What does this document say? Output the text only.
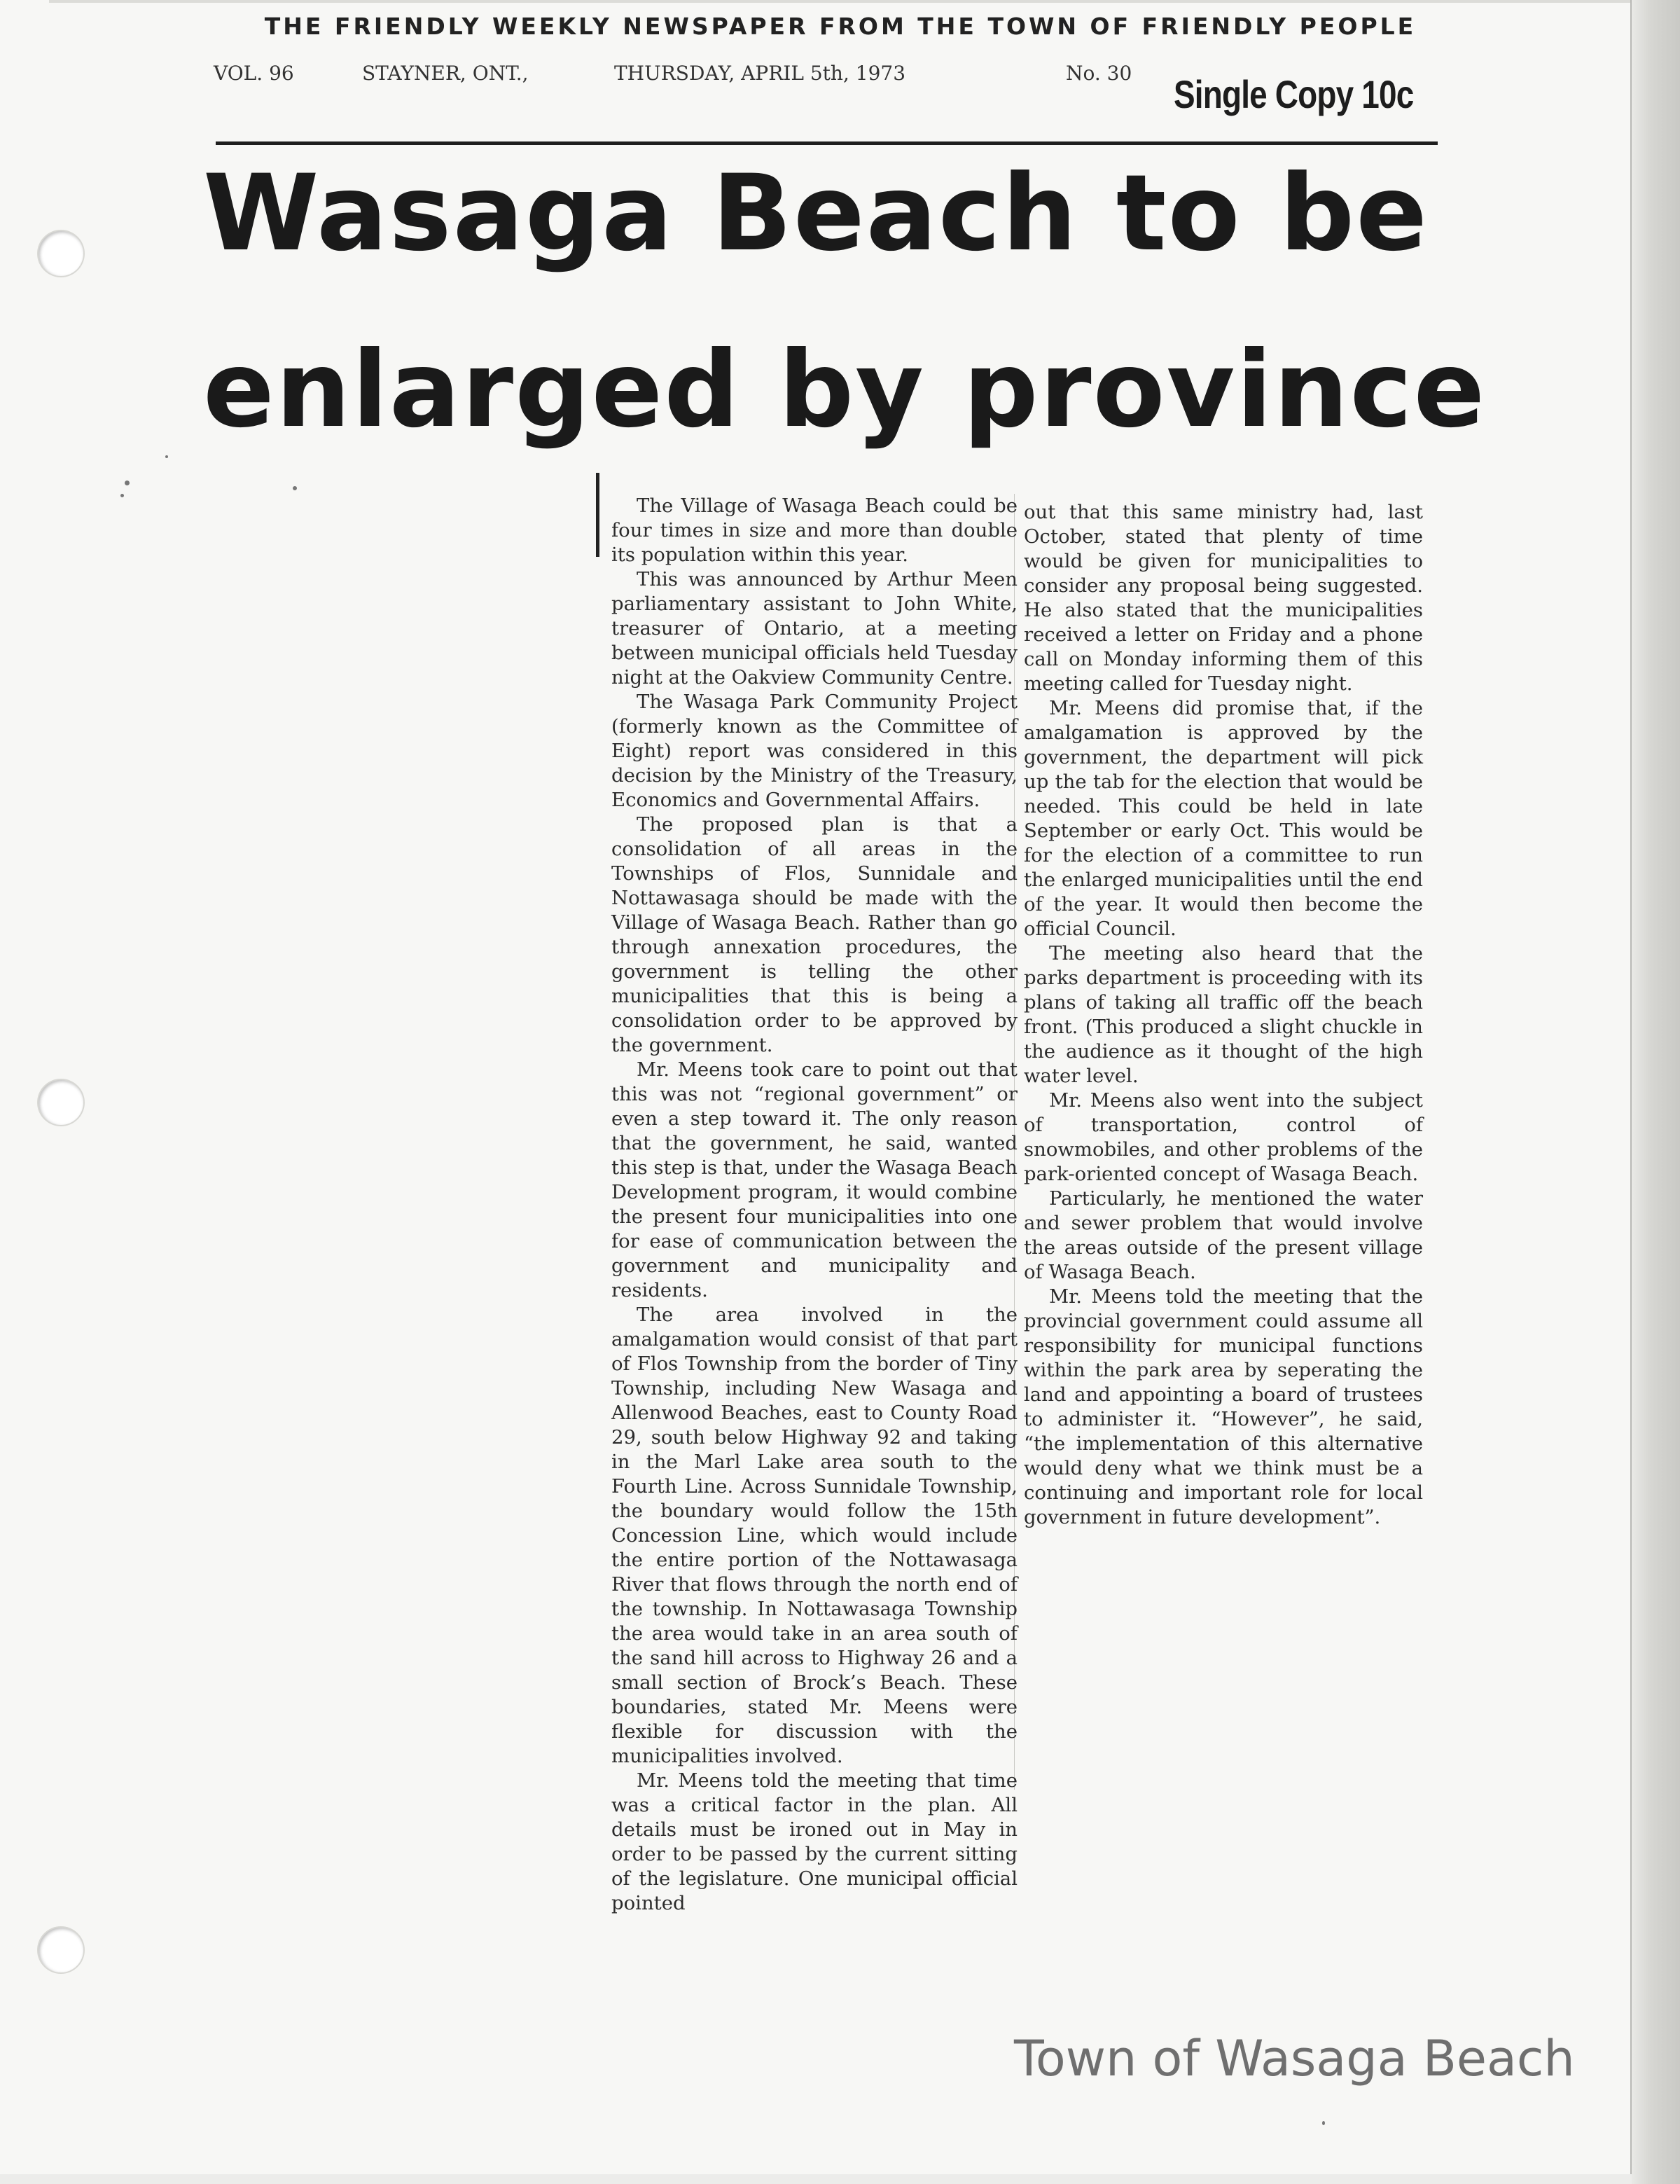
THE FRIENDLY WEEKLY NEWSPAPER FROM THE TOWN OF FRIENDLY PEOPLE
VOL. 96	STAYNER, ONT.,	THURSDAY, APRIL 5th, 1973	No. 30 Single Copy 10c
Wasaga Beach to be
enlarged by province

The Village of Wasaga Beach could be four times in size and more than double its population within this year.

This was announced by Arthur Meen parliamentary assistant to John White, treasurer of Ontario, at a meeting between municipal officials held Tuesday night at the Oakview Community Centre.

The Wasaga Park Community Project (formerly known as the Committee of Eight) report was considered in this decision by the Ministry of the Treasury, Economics and Governmental Affairs.

The proposed plan is that a consolidation of all areas in the Townships of Flos, Sunnidale and Nottawasaga should be made with the Village of Wasaga Beach. Rather than go through annexation procedures, the government is telling the other municipalities that this is being a consolidation order to be approved by the government.

Mr. Meens took care to point out that this was not “regional government” or even a step toward it. The only reason that the government, he said, wanted this step is that, under the Wasaga Beach Development program, it would combine the present four municipalities into one for ease of communication between the government and municipality and residents.

The area involved in the amalgamation would consist of that part of Flos Township from the border of Tiny Township, including New Wasaga and Allenwood Beaches, east to County Road 29, south below Highway 92 and taking in the Marl Lake area south to the Fourth Line. Across Sunnidale Township, the boundary would follow the 15th Concession Line, which would include the entire portion of the Nottawasaga River that flows through the north end of the township. In Nottawasaga Township the area would take in an area south of the sand hill across to Highway 26 and a small section of Brock’s Beach. These boundaries, stated Mr. Meens were flexible for discussion with the municipalities involved.

Mr. Meens told the meeting that time was a critical factor in the plan. All details must be ironed out in May in order to be passed by the current sitting of the legislature. One municipal official pointed

out that this same ministry had, last October, stated that plenty of time would be given for municipalities to consider any proposal being suggested. He also stated that the municipalities received a letter on Friday and a phone call on Monday informing them of this meeting called for Tuesday night.

Mr. Meens did promise that, if the amalgamation is approved by the government, the department will pick up the tab for the election that would be needed. This could be held in late September or early Oct. This would be for the election of a committee to run the enlarged municipalities until the end of the year. It would then become the official Council.

The meeting also heard that the parks department is proceeding with its plans of taking all traffic off the beach front. (This produced a slight chuckle in the audience as it thought of the high water level.

Mr. Meens also went into the subject of transportation, control of snowmobiles, and other problems of the park-oriented concept of Wasaga Beach.

Particularly, he mentioned the water and sewer problem that would involve the areas outside of the present village of Wasaga Beach.

Mr. Meens told the meeting that the provincial government could assume all responsibility for municipal functions within the park area by seperating the land and appointing a board of trustees to administer it. “However”, he said, “the implementation of this alternative would deny what we think must be a continuing and important role for local government in future development”.

Town of Wasaga Beach
